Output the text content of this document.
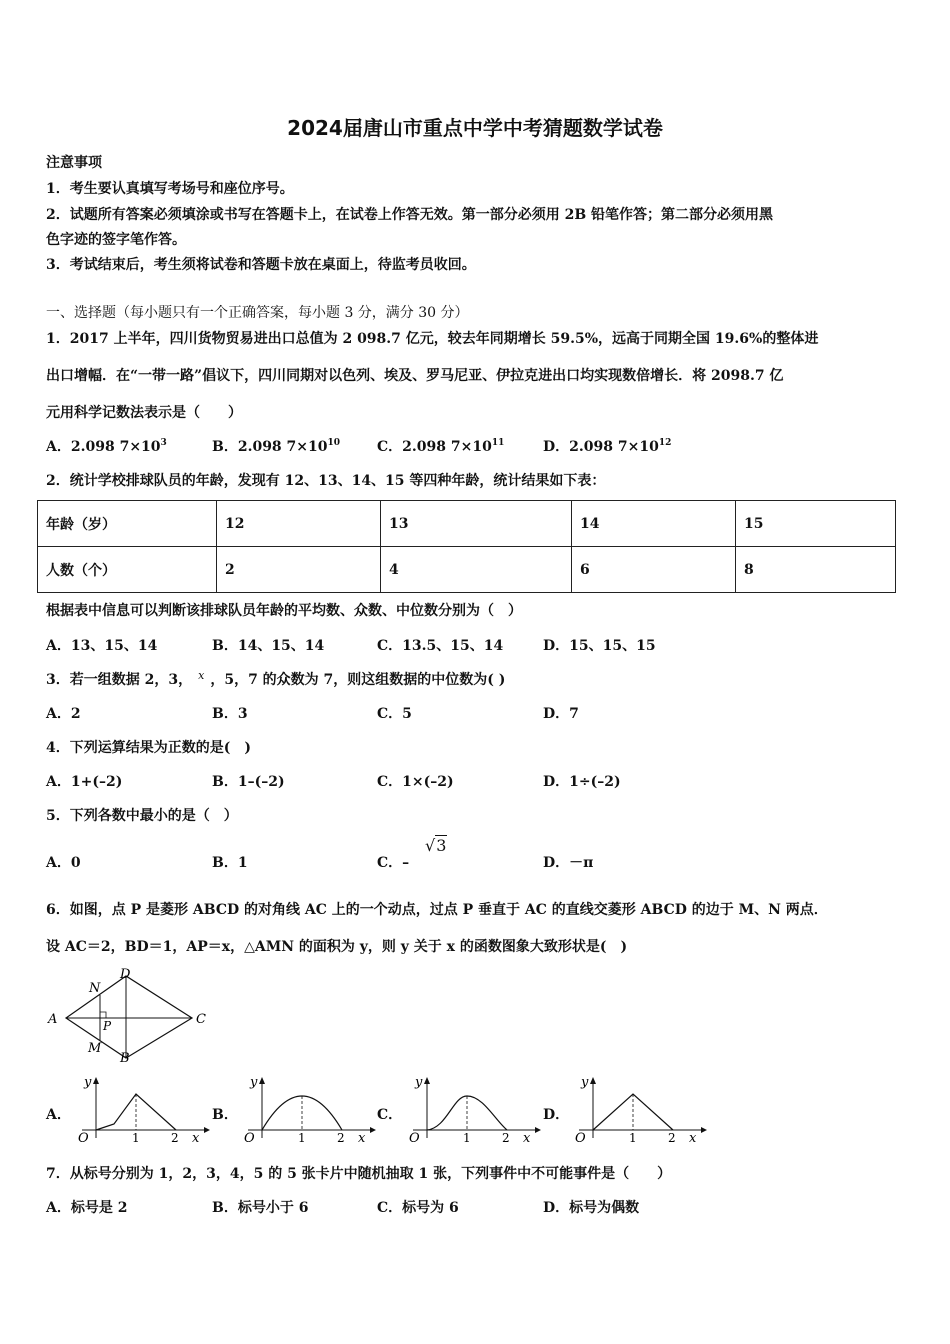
2024届唐山市重点中学中考猜题数学试卷
注意事项
1．考生要认真填写考场号和座位序号。
2．试题所有答案必须填涂或书写在答题卡上，在试卷上作答无效。第一部分必须用 2B 铅笔作答；第二部分必须用黑
色字迹的签字笔作答。
3．考试结束后，考生须将试卷和答题卡放在桌面上，待监考员收回。
一、选择题（每小题只有一个正确答案，每小题 3 分，满分 30 分）
1．2017 上半年，四川货物贸易进出口总值为 2 098.7 亿元，较去年同期增长 59.5%，远高于同期全国 19.6%的整体进
出口增幅．在“一带一路”倡议下，四川同期对以色列、埃及、罗马尼亚、伊拉克进出口均实现数倍增长．将 2098.7 亿
元用科学记数法表示是（　　）
A．2.098 $7\times 10^3$	B．2.098 $7\times 10^{10}$	C．2.098 $7\times 10^{11}$	D．2.098 $7\times 10^{12}$
2．统计学校排球队员的年龄，发现有 12、13、14、15 等四种年龄，统计结果如下表：
年龄（岁）	12	13	14	15
人数（个）	2	4	6	8
根据表中信息可以判断该排球队员年龄的平均数、众数、中位数分别为（　）
A．13、15、14	B．14、15、14	C．13.5、15、14	D．15、15、15
3．若一组数据 2，3， $^x$ ，5，7 的众数为 7，则这组数据的中位数为( )
A．2	B．3	C．5	D．7
4．下列运算结果为正数的是(　)
A．1+(–2)	B．1–(–2)	C．1×(–2)	D．1÷(–2)
5．下列各数中最小的是（　）
A．0	B．1	C．–
√3
D．－π
6．如图，点 P 是菱形 ABCD 的对角线 AC 上的一个动点，过点 P 垂直于 AC 的直线交菱形 ABCD 的边于 M、N 两点．
设 AC＝2，BD＝1，AP＝x，△AMN 的面积为 y，则 y 关于 x 的函数图象大致形状是(　)
A
B
C
D
N
M
P
A．
y
O	1	2 x
B．
y
O	1	2 x
C．
y
O	1	2 x
D．
y
O	1	2 x
7．从标号分别为 1，2，3，4，5 的 5 张卡片中随机抽取 1 张，下列事件中不可能事件是（　　）
A．标号是 2	B．标号小于 6	C．标号为 6	D．标号为偶数
